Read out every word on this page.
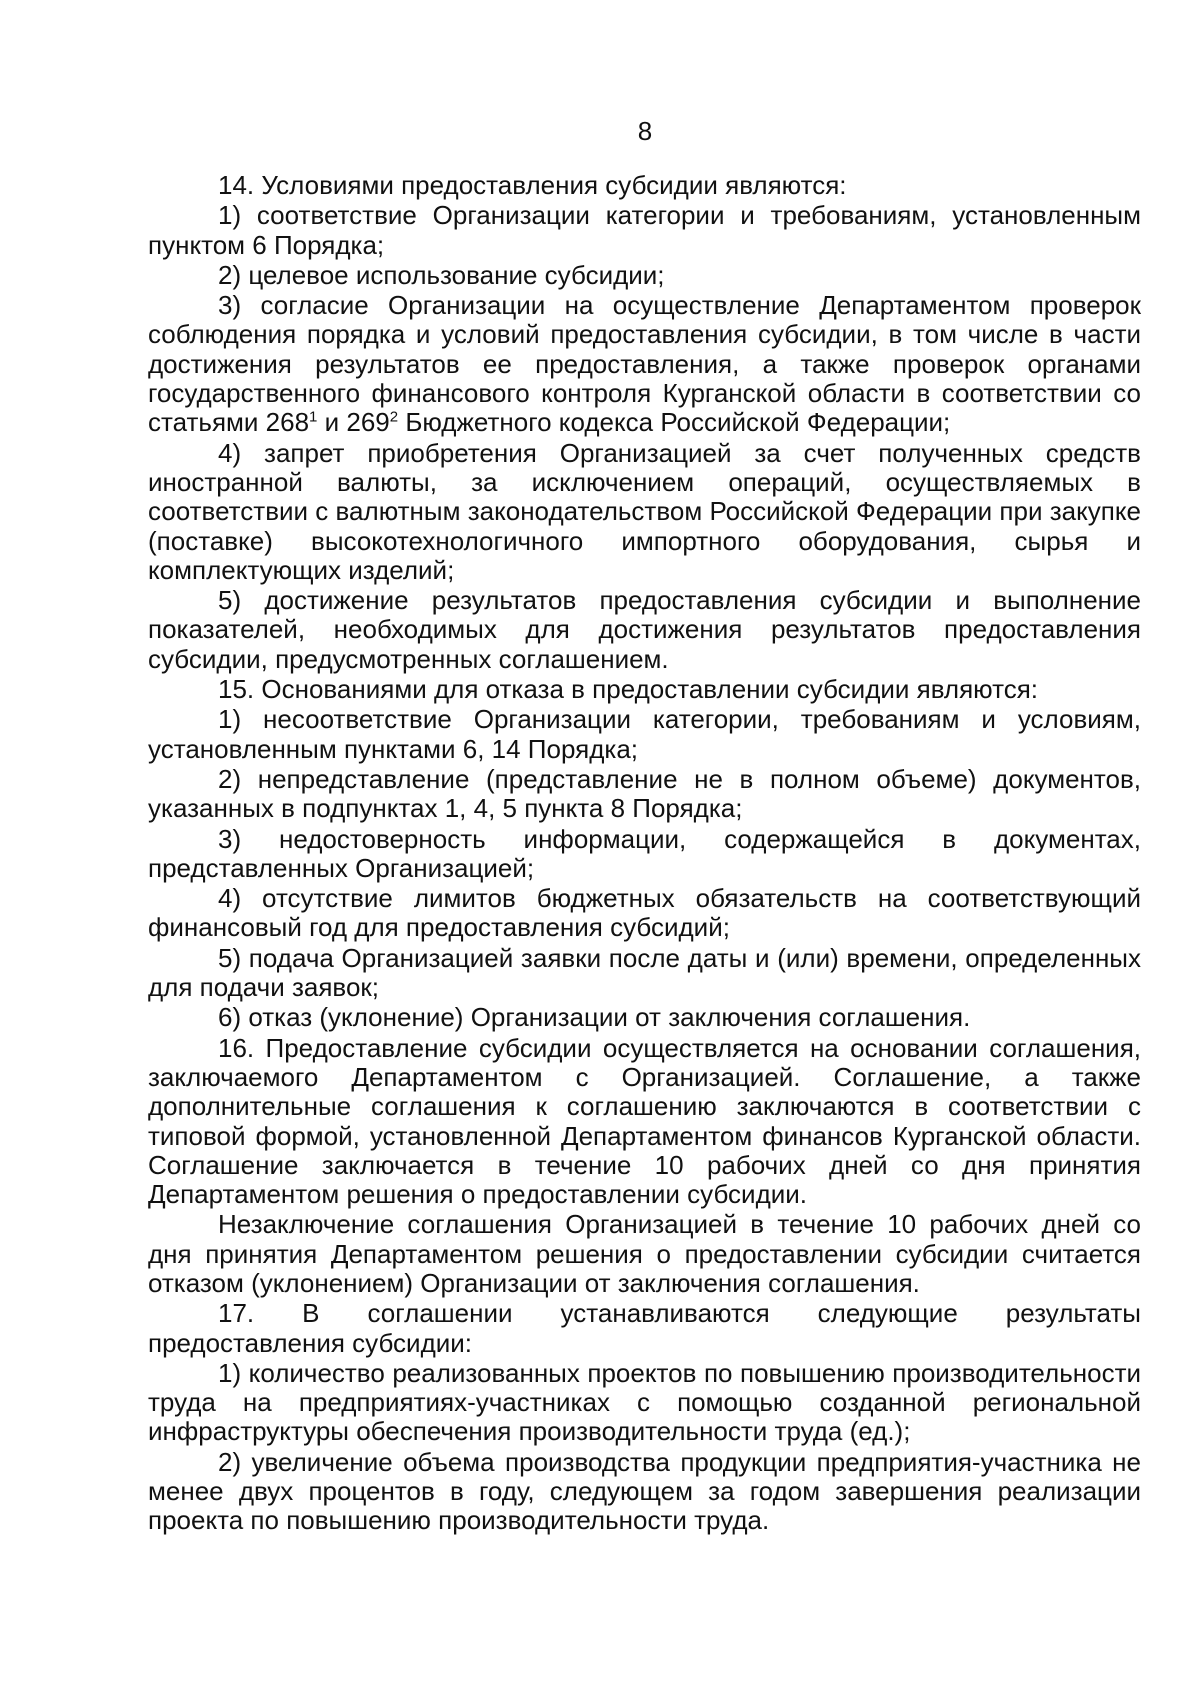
8

14. Условиями предоставления субсидии являются:

1) соответствие Организации категории и требованиям, установленным пунктом 6 Порядка;

2) целевое использование субсидии;

3) согласие Организации на осуществление Департаментом проверок соблюдения порядка и условий предоставления субсидии, в том числе в части достижения результатов ее предоставления, а также проверок органами государственного финансового контроля Курганской области в соответствии со статьями $268^1$ и $269^2$ Бюджетного кодекса Российской Федерации;

4) запрет приобретения Организацией за счет полученных средств иностранной валюты, за исключением операций, осуществляемых в соответствии с валютным законодательством Российской Федерации при закупке (поставке) высокотехнологичного импортного оборудования, сырья и комплектующих изделий;

5) достижение результатов предоставления субсидии и выполнение показателей, необходимых для достижения результатов предоставления субсидии, предусмотренных соглашением.

15. Основаниями для отказа в предоставлении субсидии являются:

1) несоответствие Организации категории, требованиям и условиям, установленным пунктами 6, 14 Порядка;

2) непредставление (представление не в полном объеме) документов, указанных в подпунктах 1, 4, 5 пункта 8 Порядка;

3) недостоверность информации, содержащейся в документах, представленных Организацией;

4) отсутствие лимитов бюджетных обязательств на соответствующий финансовый год для предоставления субсидий;

5) подача Организацией заявки после даты и (или) времени, определенных для подачи заявок;

6) отказ (уклонение) Организации от заключения соглашения.

16. Предоставление субсидии осуществляется на основании соглашения, заключаемого Департаментом с Организацией. Соглашение, а также дополнительные соглашения к соглашению заключаются в соответствии с типовой формой, установленной Департаментом финансов Курганской области. Соглашение заключается в течение 10 рабочих дней со дня принятия Департаментом решения о предоставлении субсидии.

Незаключение соглашения Организацией в течение 10 рабочих дней со дня принятия Департаментом решения о предоставлении субсидии считается отказом (уклонением) Организации от заключения соглашения.

17. В соглашении устанавливаются следующие результаты предоставления субсидии:

1) количество реализованных проектов по повышению производительности труда на предприятиях-участниках с помощью созданной региональной инфраструктуры обеспечения производительности труда (ед.);

2) увеличение объема производства продукции предприятия-участника не менее двух процентов в году, следующем за годом завершения реализации проекта по повышению производительности труда.
